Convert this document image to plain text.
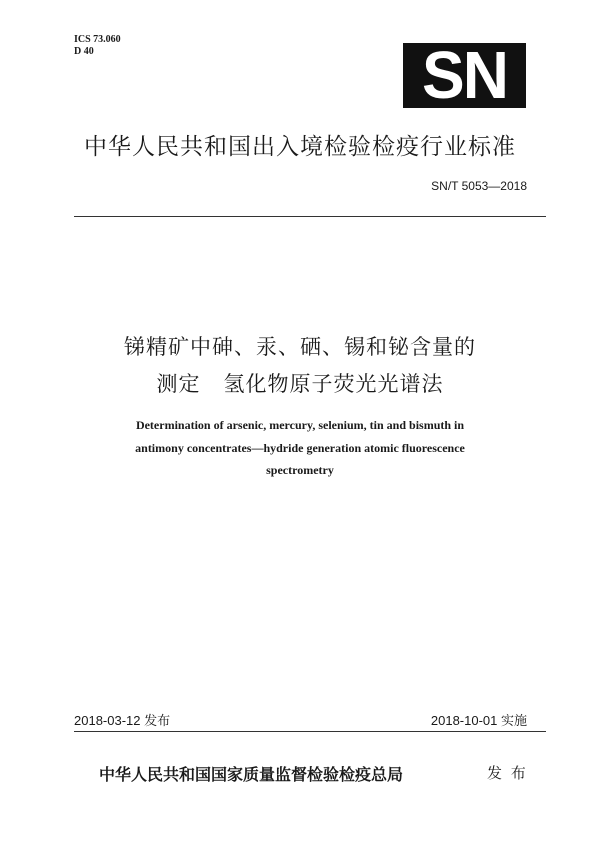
ICS 73.060
D 40	SN
中华人民共和国出入境检验检疫行业标准
SN/T 5053—2018
锑精矿中砷、汞、硒、锡和铋含量的
测定   氢化物原子荧光光谱法
Determination of arsenic, mercury, selenium, tin and bismuth in
antimony concentrates—hydride generation atomic fluorescence
spectrometry
2018-03-12 发布	2018-10-01 实施
中华人民共和国国家质量监督检验检疫总局	发 布
